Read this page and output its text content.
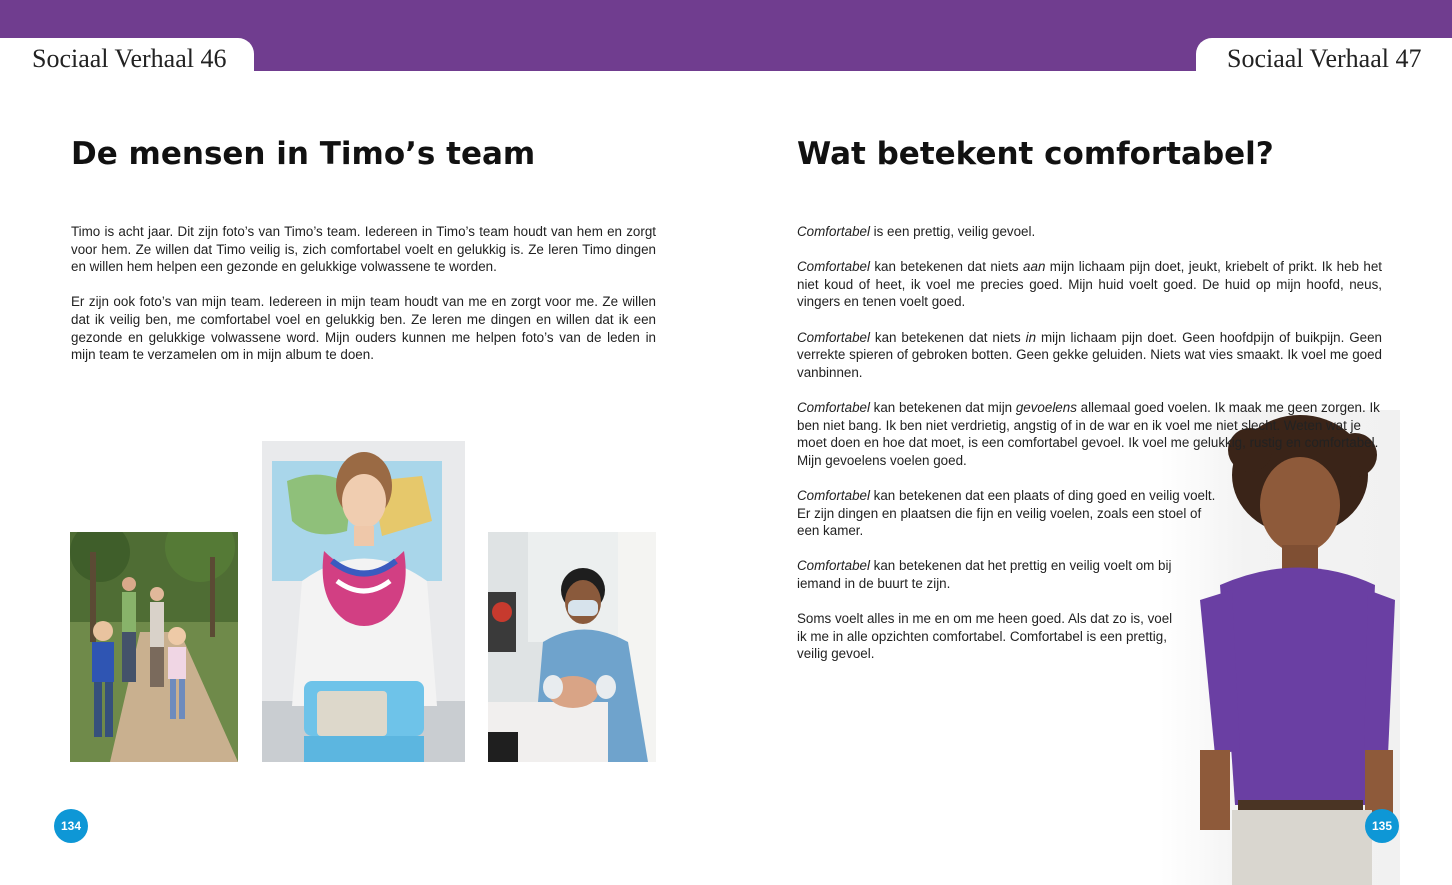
Sociaal Verhaal 46	Sociaal Verhaal 47
De mensen in Timo’s team

Timo is acht jaar. Dit zijn foto’s van Timo’s team. Iedereen in Timo’s team houdt van hem en zorgt voor hem. Ze willen dat Timo veilig is, zich comfortabel voelt en gelukkig is. Ze leren Timo dingen en willen hem helpen een gezonde en gelukkige volwassene te worden.

Er zijn ook foto’s van mijn team. Iedereen in mijn team houdt van me en zorgt voor me. Ze willen dat ik veilig ben, me comfortabel voel en gelukkig ben. Ze leren me dingen en willen dat ik een gezonde en gelukkige volwassene word. Mijn ouders kunnen me helpen foto’s van de leden in mijn team te verzamelen om in mijn album te doen.

134
Wat betekent comfortabel?

Comfortabel is een prettig, veilig gevoel.

Comfortabel kan betekenen dat niets aan mijn lichaam pijn doet, jeukt, kriebelt of prikt. Ik heb het niet koud of heet, ik voel me precies goed. Mijn huid voelt goed. De huid op mijn hoofd, neus, vingers en tenen voelt goed.

Comfortabel kan betekenen dat niets in mijn lichaam pijn doet. Geen hoofdpijn of buikpijn. Geen verrekte spieren of gebroken botten. Geen gekke geluiden. Niets wat vies smaakt. Ik voel me goed vanbinnen.

Comfortabel kan betekenen dat mijn gevoelens allemaal goed voelen. Ik maak me geen zorgen. Ik ben niet bang. Ik ben niet verdrietig, angstig of in de war en ik voel me niet slecht. Weten wat je moet doen en hoe dat moet, is een comfortabel gevoel. Ik voel me gelukkig, rustig en comfortabel. Mijn gevoelens voelen goed.

Comfortabel kan betekenen dat een plaats of ding goed en veilig voelt. Er zijn dingen en plaatsen die fijn en veilig voelen, zoals een stoel of een kamer.

Comfortabel kan betekenen dat het prettig en veilig voelt om bij iemand in de buurt te zijn.

Soms voelt alles in me en om me heen goed. Als dat zo is, voel ik me in alle opzichten comfortabel. Comfortabel is een prettig, veilig gevoel.

135
